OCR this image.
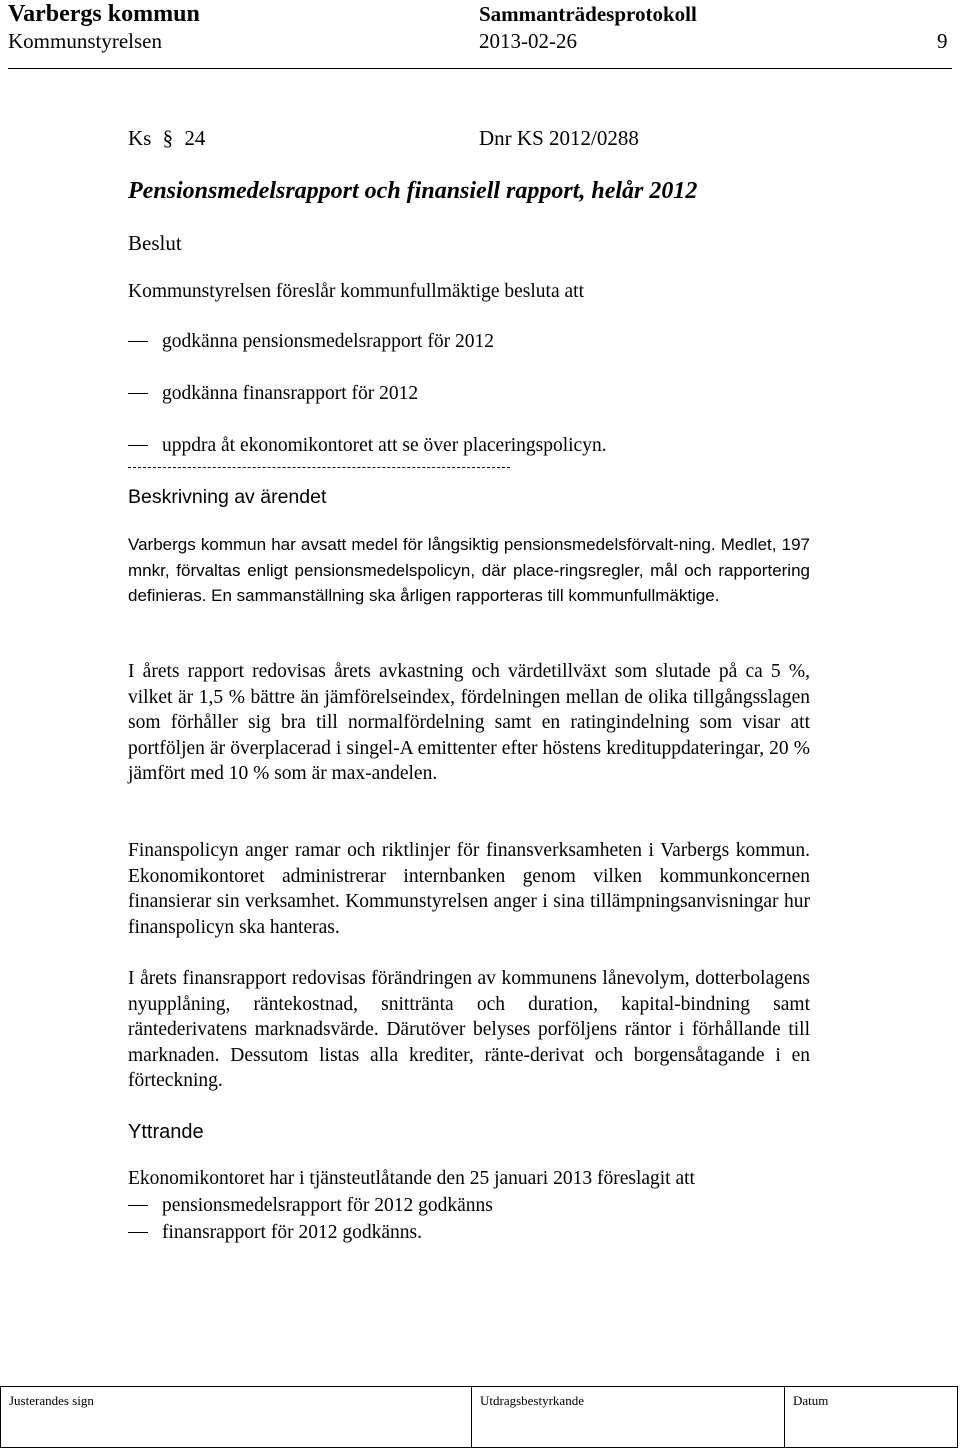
Varbergs kommun	Sammanträdesprotokoll
Kommunstyrelsen	2013-02-26	9
Ks § 24	Dnr KS 2012/0288
Pensionsmedelsrapport och finansiell rapport, helår 2012
Beslut
Kommunstyrelsen föreslår kommunfullmäktige besluta att
godkänna pensionsmedelsrapport för 2012
godkänna finansrapport för 2012
uppdra åt ekonomikontoret att se över placeringspolicyn.
Beskrivning av ärendet

Varbergs kommun har avsatt medel för långsiktig pensionsmedelsförvalt-ning. Medlet, 197 mnkr, förvaltas enligt pensionsmedelspolicyn, där place-ringsregler, mål och rapportering definieras. En sammanställning ska årligen rapporteras till kommunfullmäktige.

I årets rapport redovisas årets avkastning och värdetillväxt som slutade på ca 5 %, vilket är 1,5 % bättre än jämförelseindex, fördelningen mellan de olika tillgångsslagen som förhåller sig bra till normalfördelning samt en ratingindelning som visar att portföljen är överplacerad i singel-A emittenter efter höstens kredituppdateringar, 20 % jämfört med 10 % som är max-andelen.

Finanspolicyn anger ramar och riktlinjer för finansverksamheten i Varbergs kommun. Ekonomikontoret administrerar internbanken genom vilken kommunkoncernen finansierar sin verksamhet. Kommunstyrelsen anger i sina tillämpningsanvisningar hur finanspolicyn ska hanteras.

I årets finansrapport redovisas förändringen av kommunens lånevolym, dotterbolagens nyupplåning, räntekostnad, snittränta och duration, kapital-bindning samt räntederivatens marknadsvärde. Därutöver belyses porföljens räntor i förhållande till marknaden. Dessutom listas alla krediter, ränte-derivat och borgensåtagande i en förteckning.

Yttrande
Ekonomikontoret har i tjänsteutlåtande den 25 januari 2013 föreslagit att
pensionsmedelsrapport för 2012 godkänns
finansrapport för 2012 godkänns.
Justerandes sign	Utdragsbestyrkande	Datum
